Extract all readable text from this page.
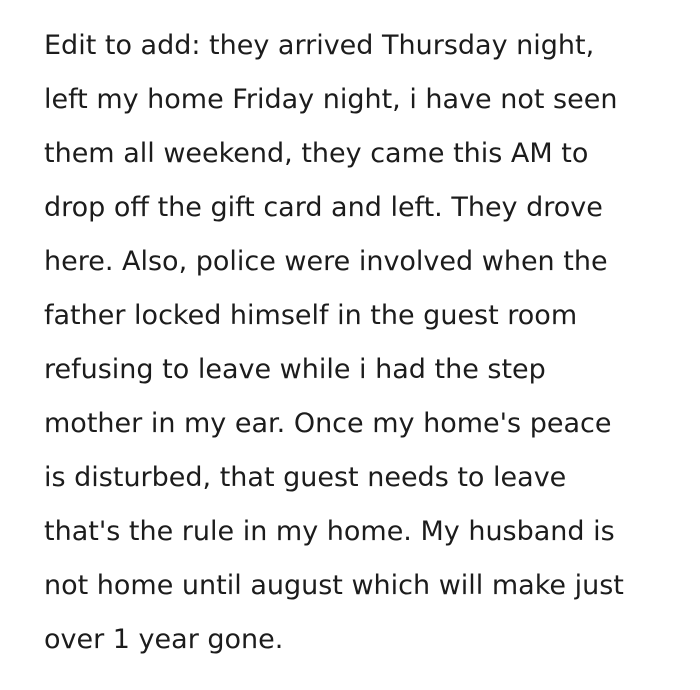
Edit to add: they arrived Thursday night,
left my home Friday night, i have not seen
them all weekend, they came this AM to
drop off the gift card and left. They drove
here. Also, police were involved when the
father locked himself in the guest room
refusing to leave while i had the step
mother in my ear. Once my home's peace
is disturbed, that guest needs to leave
that's the rule in my home. My husband is
not home until august which will make just
over 1 year gone.
